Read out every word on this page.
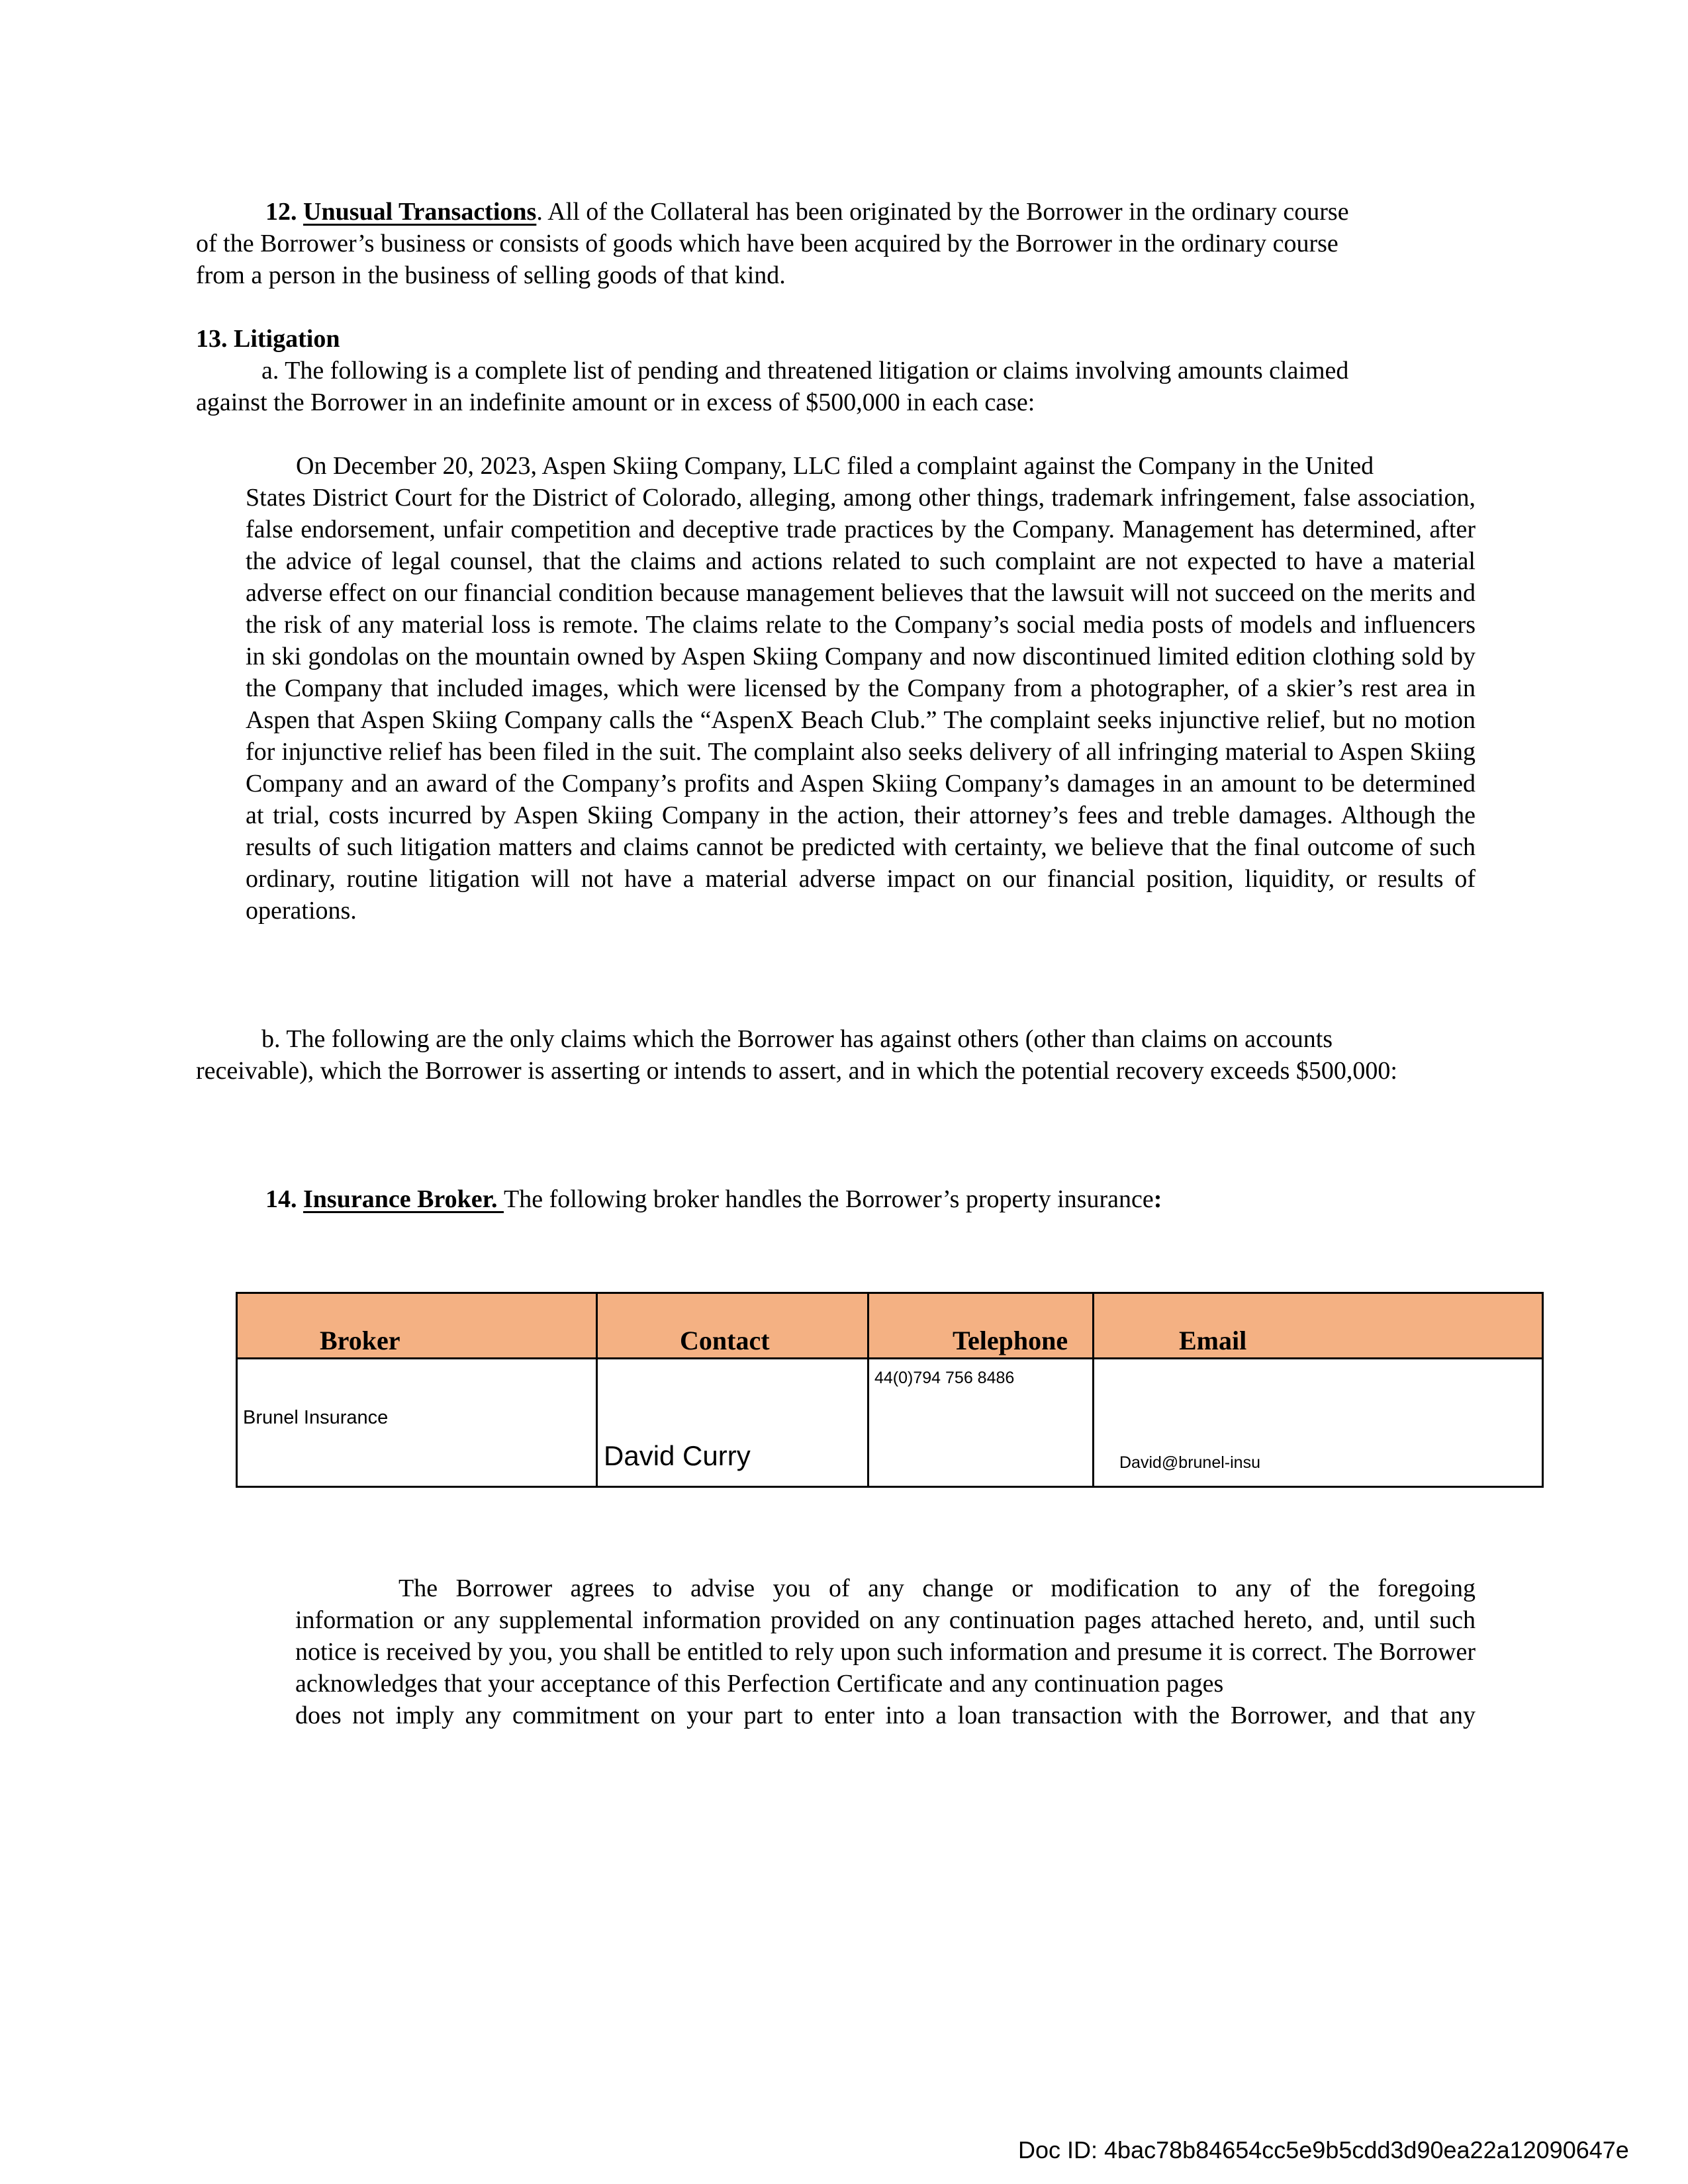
12. Unusual Transactions. All of the Collateral has been originated by the Borrower in the ordinary course
of the Borrower’s business or consists of goods which have been acquired by the Borrower in the ordinary course
from a person in the business of selling goods of that kind.
13. Litigation
a. The following is a complete list of pending and threatened litigation or claims involving amounts claimed
against the Borrower in an indefinite amount or in excess of $500,000 in each case:
On December 20, 2023, Aspen Skiing Company, LLC filed a complaint against the Company in the United
States District Court for the District of Colorado, alleging, among other things, trademark infringement, false association, false endorsement, unfair competition and deceptive trade practices by the Company. Management has determined, after the advice of legal counsel, that the claims and actions related to such complaint are not expected to have a material adverse effect on our financial condition because management believes that the lawsuit will not succeed on the merits and the risk of any material loss is remote. The claims relate to the Company’s social media posts of models and influencers in ski gondolas on the mountain owned by Aspen Skiing Company and now discontinued limited edition clothing sold by the Company that included images, which were licensed by the Company from a photographer, of a skier’s rest area in Aspen that Aspen Skiing Company calls the “AspenX Beach Club.” The complaint seeks injunctive relief, but no motion for injunctive relief has been filed in the suit. The complaint also seeks delivery of all infringing material to Aspen Skiing Company and an award of the Company’s profits and Aspen Skiing Company’s damages in an amount to be determined at trial, costs incurred by Aspen Skiing Company in the action, their attorney’s fees and treble damages. Although the results of such litigation matters and claims cannot be predicted with certainty, we believe that the final outcome of such ordinary, routine litigation will not have a material adverse impact on our financial position, liquidity, or results of operations.
b. The following are the only claims which the Borrower has against others (other than claims on accounts
receivable), which the Borrower is asserting or intends to assert, and in which the potential recovery exceeds $500,000:
14. Insurance Broker. The following broker handles the Borrower’s property insurance:
Broker	Contact	Telephone	Email

Brunel Insurance	David Curry	44(0)794 756 8486	David@brunel-insu
The Borrower agrees to advise you of any change or modification to any of the foregoing
information or any supplemental information provided on any continuation pages attached hereto, and, until such notice is received by you, you shall be entitled to rely upon such information and presume it is correct. The Borrower acknowledges that your acceptance of this Perfection Certificate and any continuation pages
does not imply any commitment on your part to enter into a loan transaction with the Borrower, and that any
Doc ID: 4bac78b84654cc5e9b5cdd3d90ea22a12090647e
